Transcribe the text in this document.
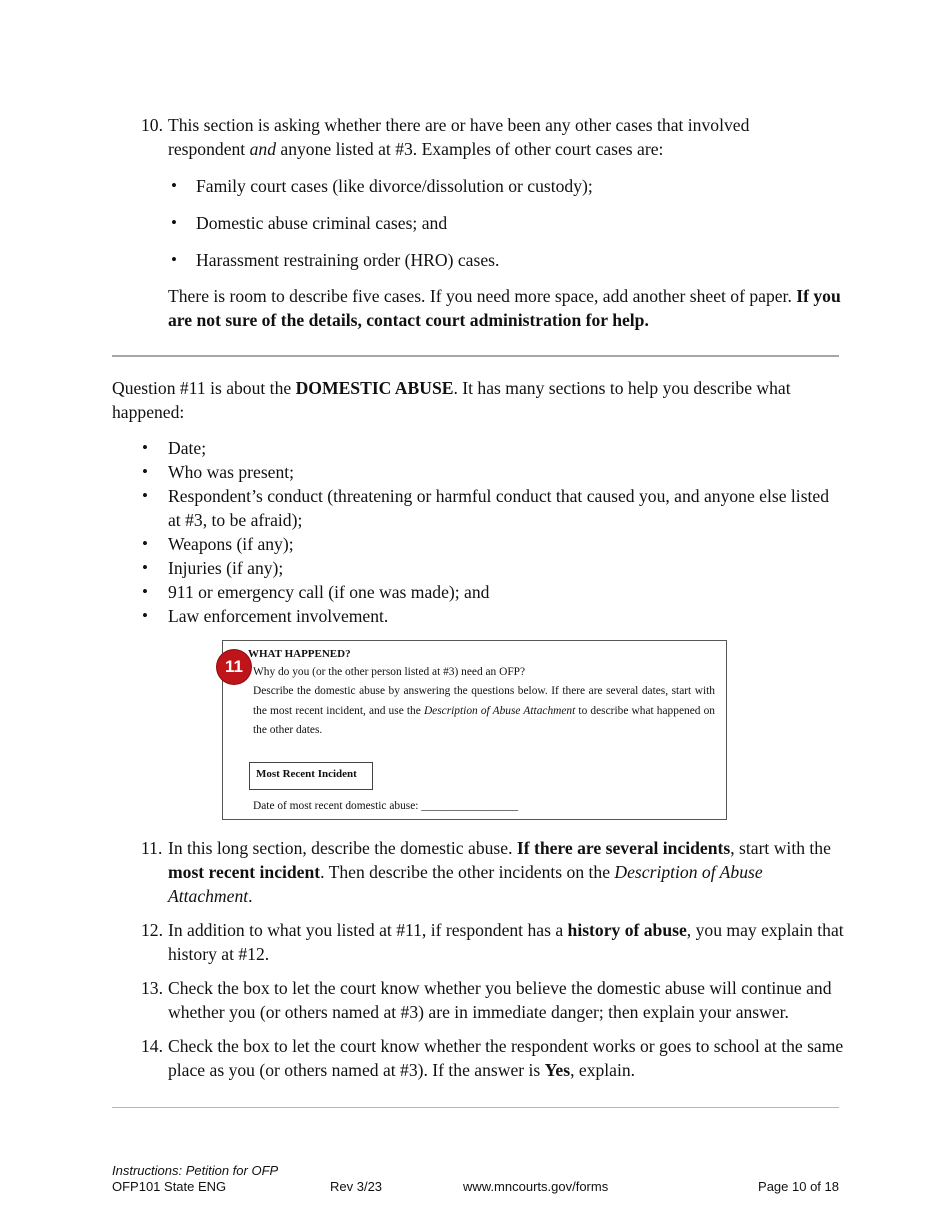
10. This section is asking whether there are or have been any other cases that involved
respondent and anyone listed at #3. Examples of other court cases are:
• Family court cases (like divorce/dissolution or custody);
• Domestic abuse criminal cases; and
• Harassment restraining order (HRO) cases.
There is room to describe five cases. If you need more space, add another sheet of paper. If you are not sure of the details, contact court administration for help.
Question #11 is about the DOMESTIC ABUSE. It has many sections to help you describe what happened:
• Date;
• Who was present;
• Respondent’s conduct (threatening or harmful conduct that caused you, and anyone else listed at #3, to be afraid);
• Weapons (if any);
• Injuries (if any);
• 911 or emergency call (if one was made); and
• Law enforcement involvement.
11
WHAT HAPPENED?
Why do you (or the other person listed at #3) need an OFP?
Describe the domestic abuse by answering the questions below. If there are several dates, start with the most recent incident, and use the Description of Abuse Attachment to describe what happened on the other dates.
Most Recent Incident
Date of most recent domestic abuse: _________________
11. In this long section, describe the domestic abuse. If there are several incidents, start with the most recent incident. Then describe the other incidents on the Description of Abuse Attachment.
12. In addition to what you listed at #11, if respondent has a history of abuse, you may explain that history at #12.
13. Check the box to let the court know whether you believe the domestic abuse will continue and whether you (or others named at #3) are in immediate danger; then explain your answer.
14. Check the box to let the court know whether the respondent works or goes to school at the same place as you (or others named at #3). If the answer is Yes, explain.
Instructions: Petition for OFP
OFP101 State ENG	Rev 3/23	www.mncourts.gov/forms	Page 10 of 18
